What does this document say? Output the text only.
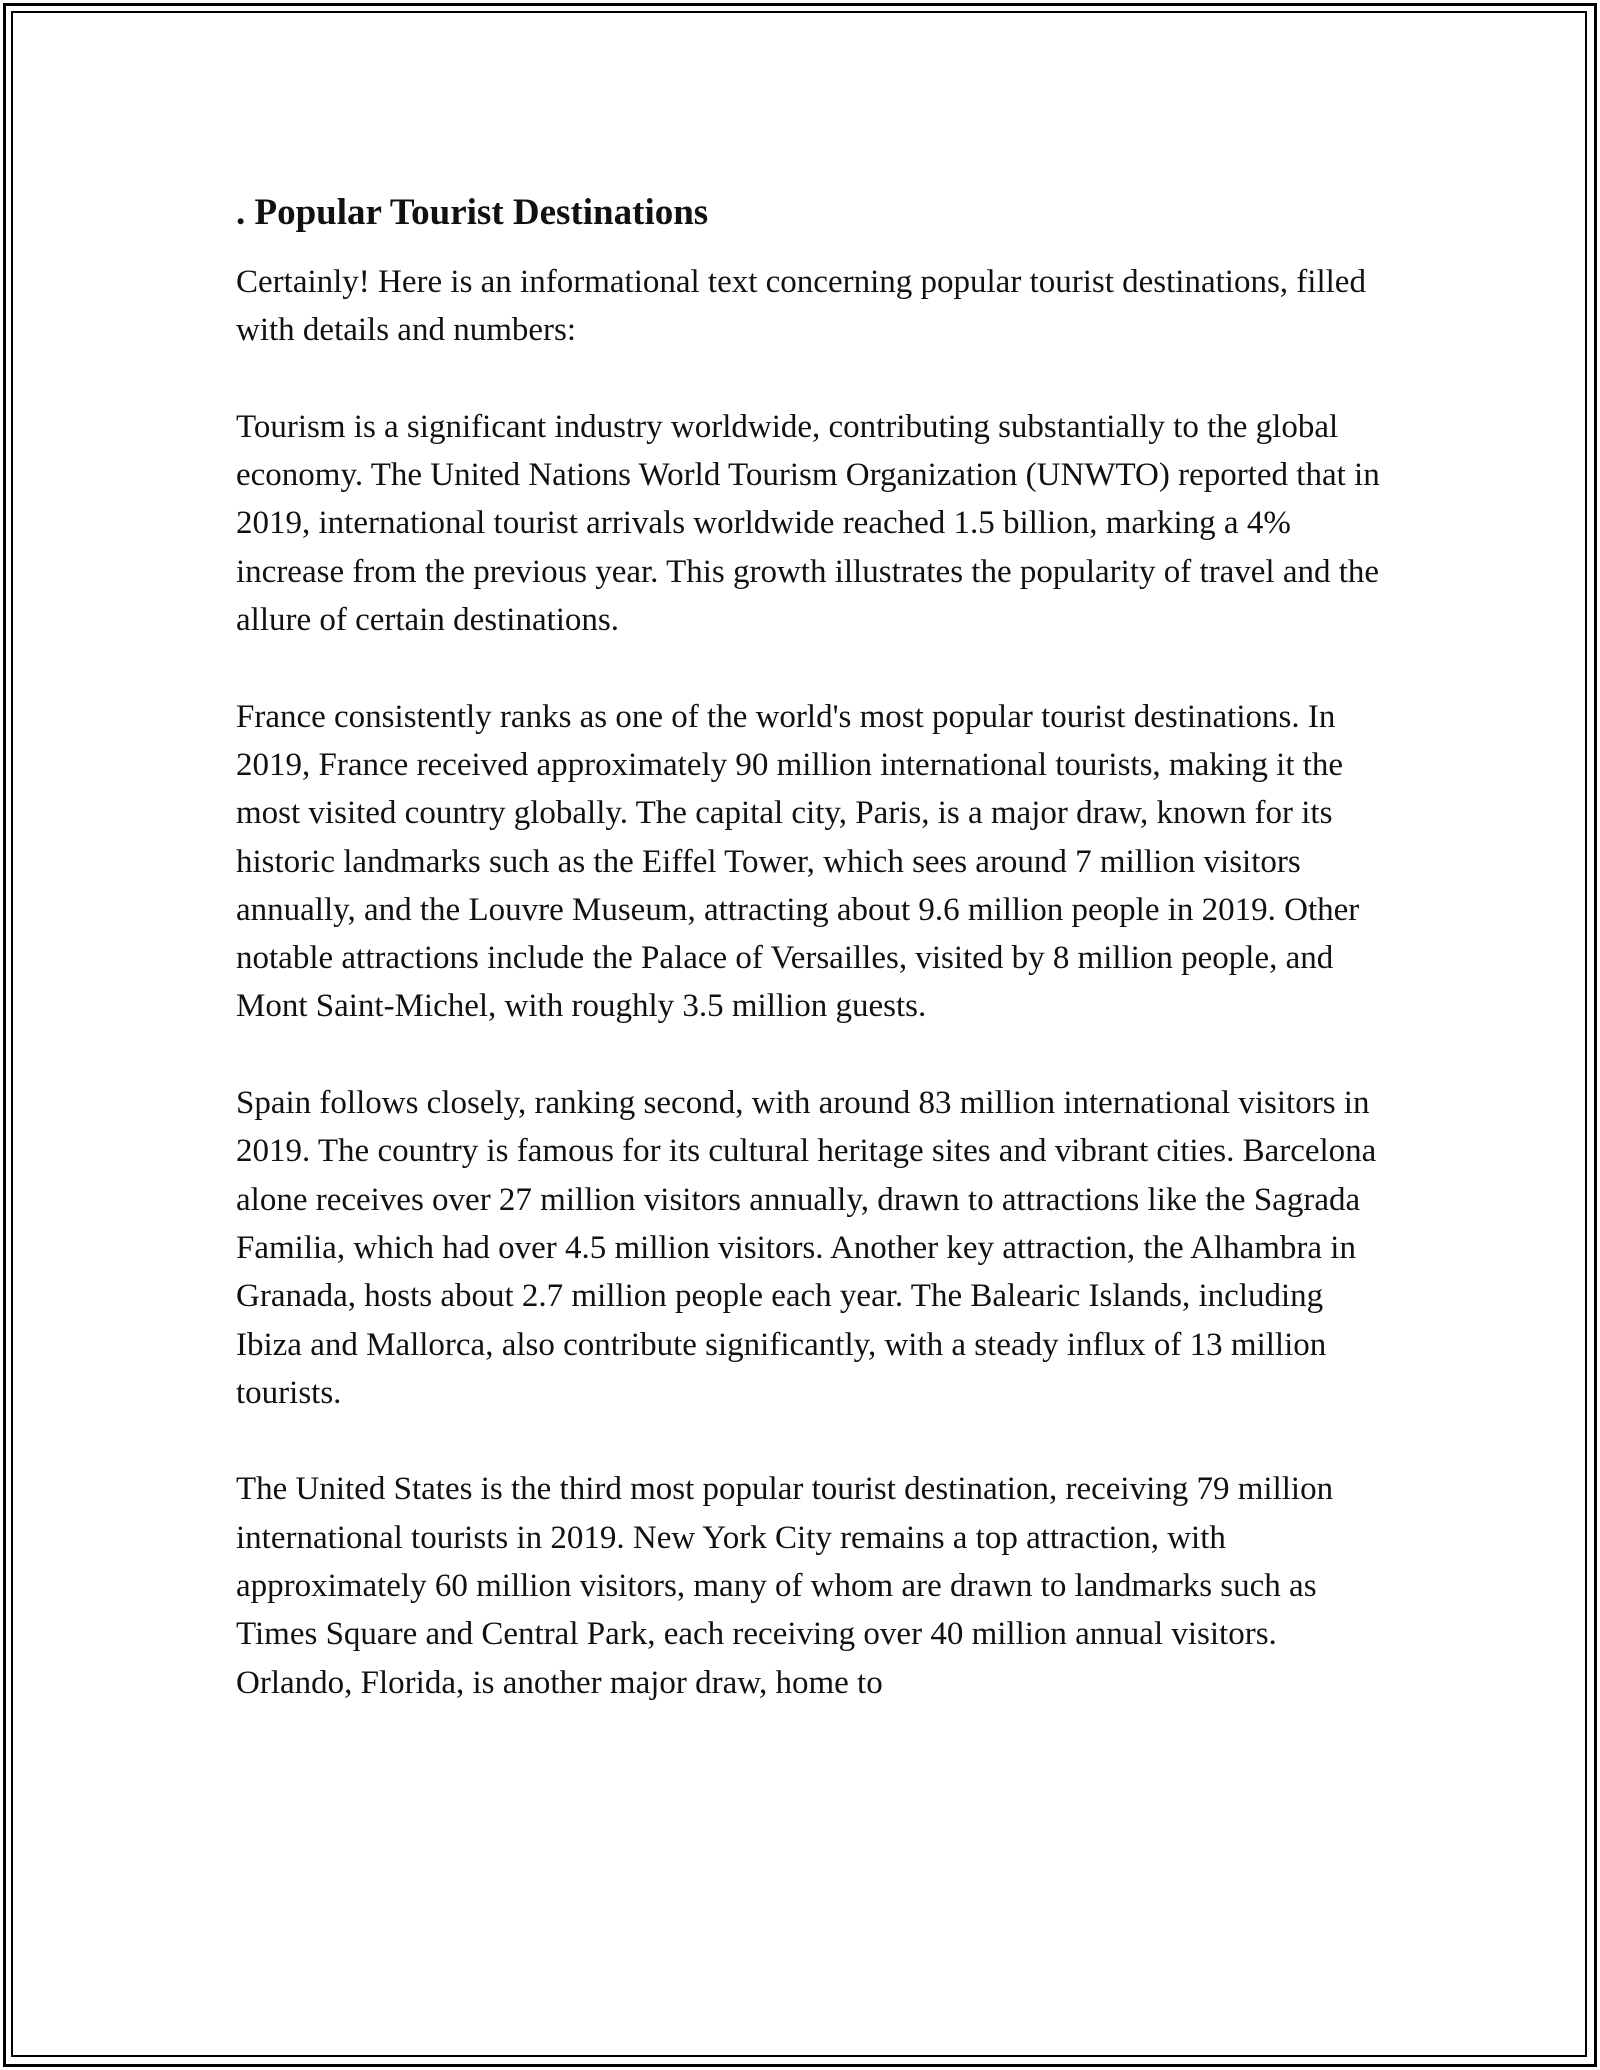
. Popular Tourist Destinations

Certainly! Here is an informational text concerning popular tourist destinations, filled with details and numbers:

Tourism is a significant industry worldwide, contributing substantially to the global economy. The United Nations World Tourism Organization (UNWTO) reported that in 2019, international tourist arrivals worldwide reached 1.5 billion, marking a 4% increase from the previous year. This growth illustrates the popularity of travel and the allure of certain destinations.

France consistently ranks as one of the world's most popular tourist destinations. In 2019, France received approximately 90 million international tourists, making it the most visited country globally. The capital city, Paris, is a major draw, known for its historic landmarks such as the Eiffel Tower, which sees around 7 million visitors annually, and the Louvre Museum, attracting about 9.6 million people in 2019. Other notable attractions include the Palace of Versailles, visited by 8 million people, and Mont Saint-Michel, with roughly 3.5 million guests.

Spain follows closely, ranking second, with around 83 million international visitors in 2019. The country is famous for its cultural heritage sites and vibrant cities. Barcelona alone receives over 27 million visitors annually, drawn to attractions like the Sagrada Familia, which had over 4.5 million visitors. Another key attraction, the Alhambra in Granada, hosts about 2.7 million people each year. The Balearic Islands, including Ibiza and Mallorca, also contribute significantly, with a steady influx of 13 million tourists.

The United States is the third most popular tourist destination, receiving 79 million international tourists in 2019. New York City remains a top attraction, with approximately 60 million visitors, many of whom are drawn to landmarks such as Times Square and Central Park, each receiving over 40 million annual visitors. Orlando, Florida, is another major draw, home to
